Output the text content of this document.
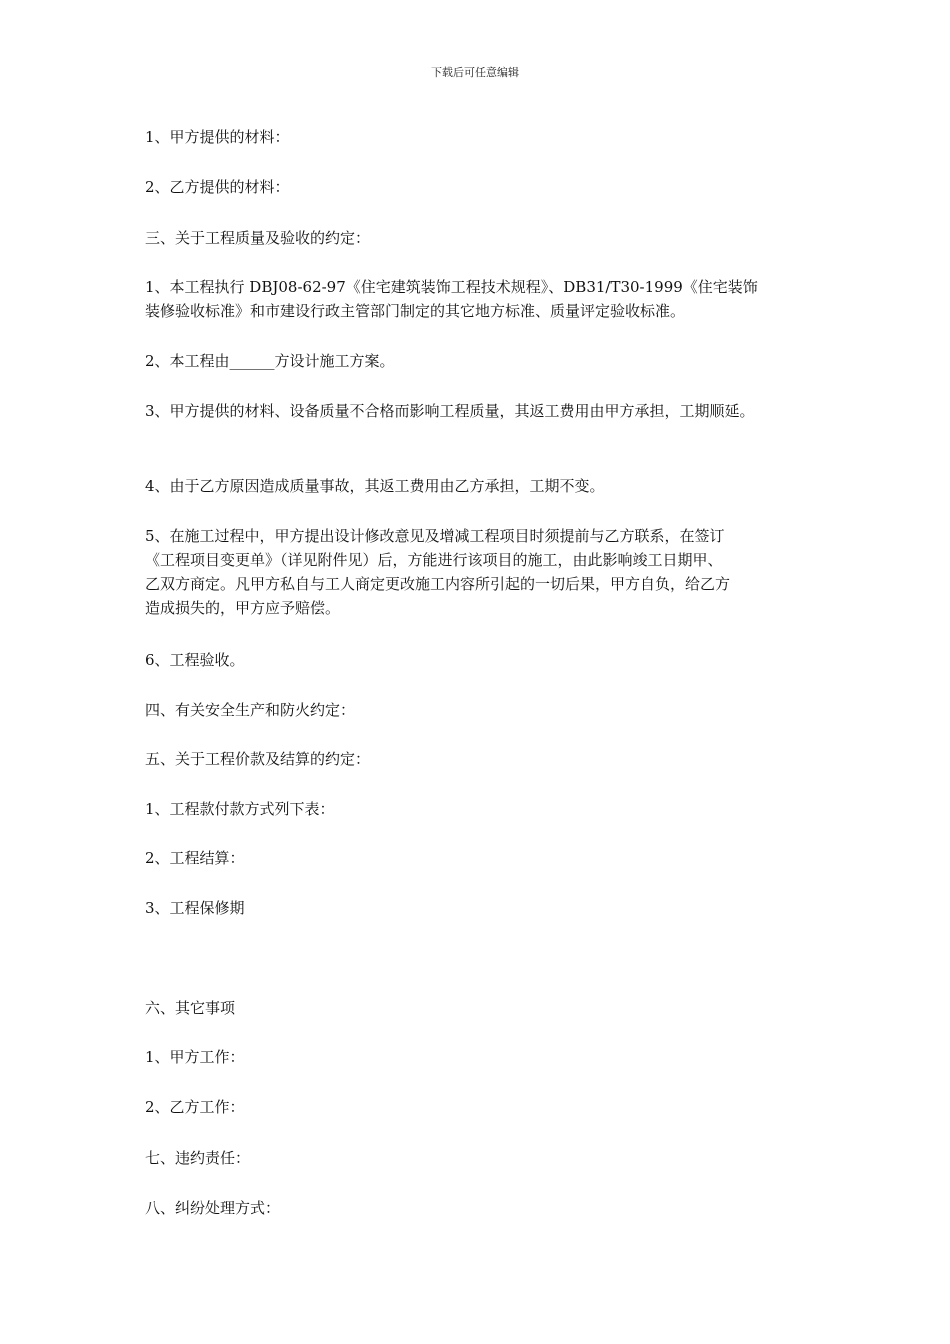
下载后可任意编辑

1、甲方提供的材料：

2、乙方提供的材料：

三、关于工程质量及验收的约定：

1、本工程执行 DBJ08-62-97《住宅建筑装饰工程技术规程》、DB31/T30-1999《住宅装饰
装修验收标准》和市建设行政主管部门制定的其它地方标准、质量评定验收标准。

2、本工程由______方设计施工方案。

3、甲方提供的材料、设备质量不合格而影响工程质量，其返工费用由甲方承担，工期顺延。

4、由于乙方原因造成质量事故，其返工费用由乙方承担，工期不变。

5、在施工过程中，甲方提出设计修改意见及增减工程项目时须提前与乙方联系，在签订
《工程项目变更单》（详见附件见）后，方能进行该项目的施工，由此影响竣工日期甲、
乙双方商定。凡甲方私自与工人商定更改施工内容所引起的一切后果，甲方自负，给乙方
造成损失的，甲方应予赔偿。

6、工程验收。

四、有关安全生产和防火约定：

五、关于工程价款及结算的约定：

1、工程款付款方式列下表：

2、工程结算：

3、工程保修期

六、其它事项

1、甲方工作：

2、乙方工作：

七、违约责任：

八、纠纷处理方式：
